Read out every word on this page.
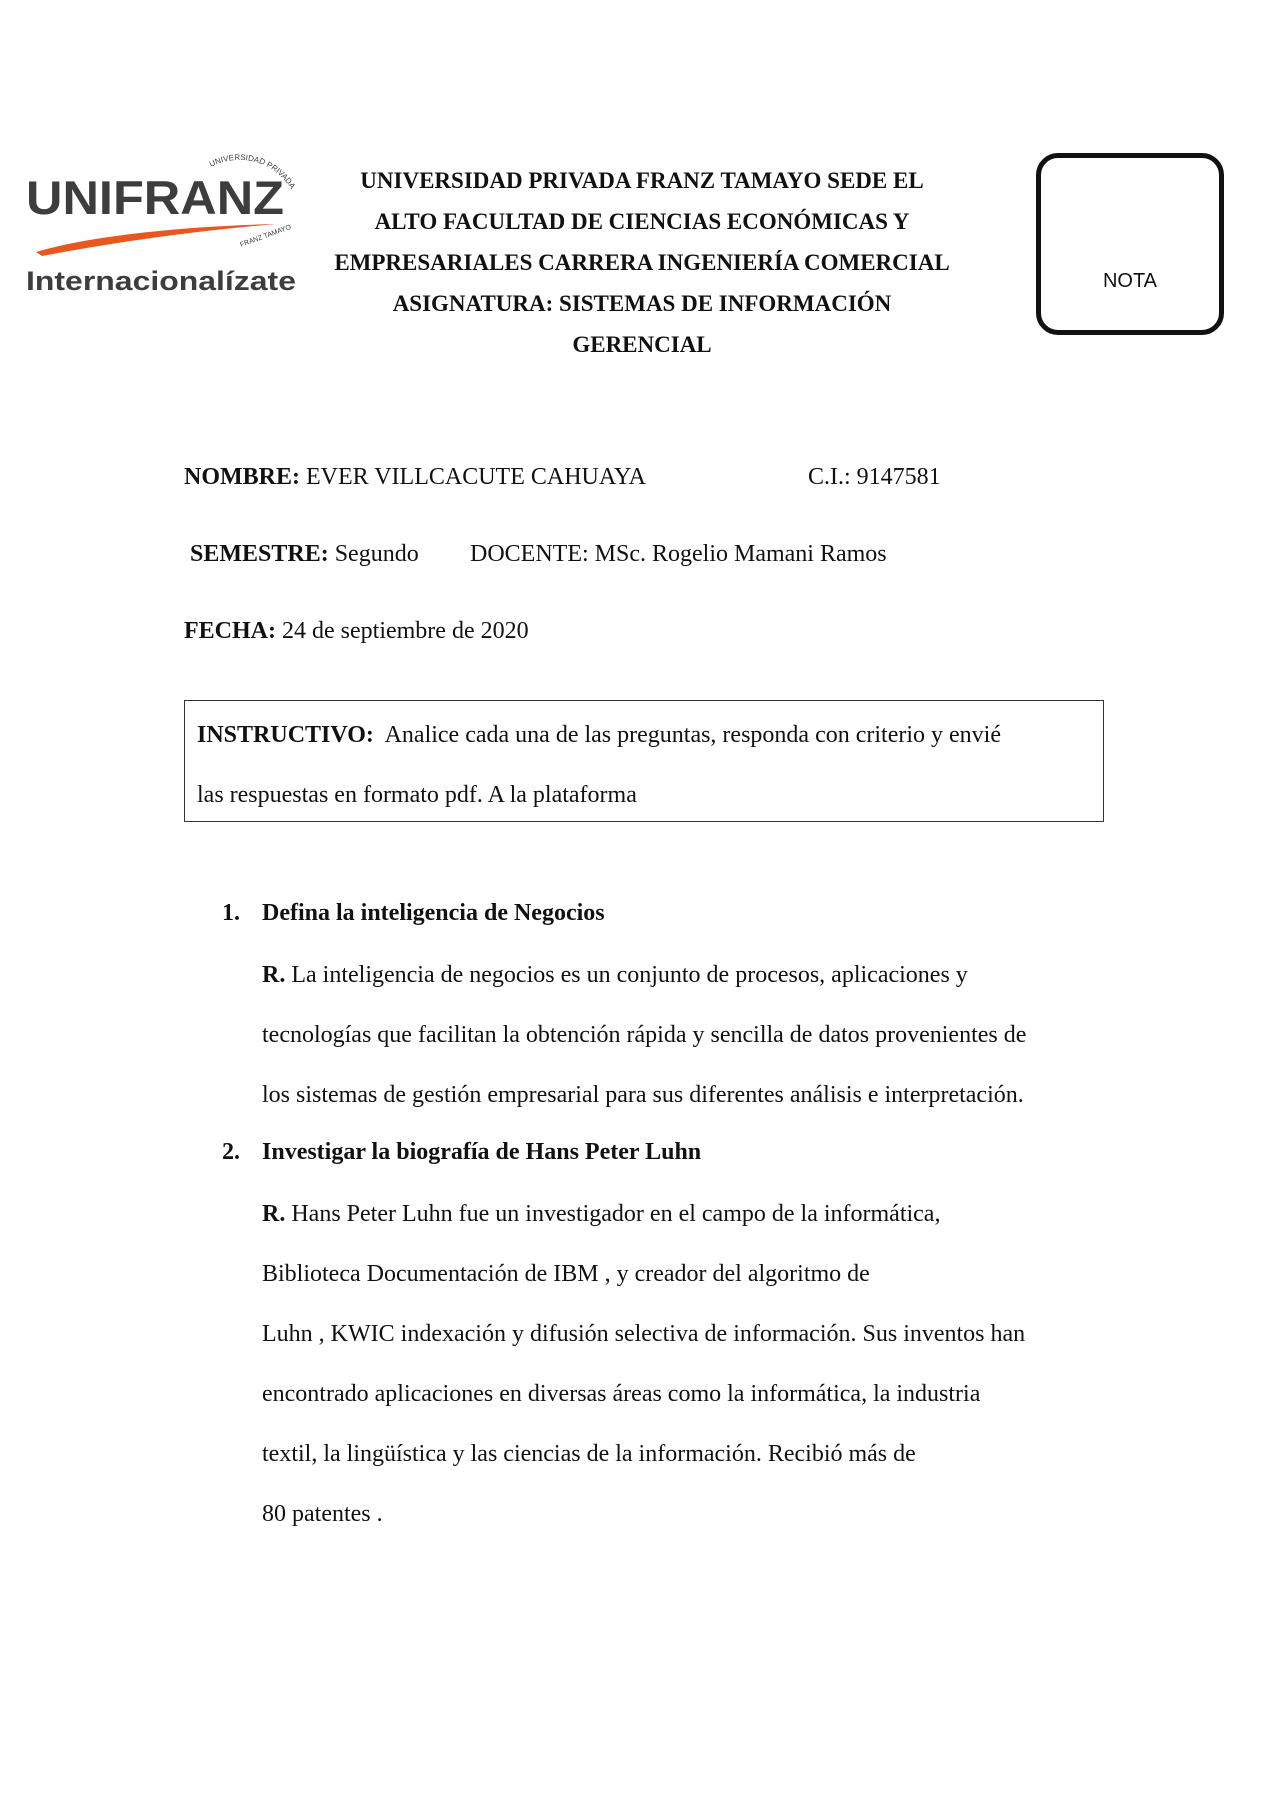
UNIVERSIDAD PRIVADA
UNIFRANZ
FRANZ TAMAYO
Internacionalízate
UNIVERSIDAD PRIVADA FRANZ TAMAYO SEDE EL
ALTO FACULTAD DE CIENCIAS ECONÓMICAS Y
EMPRESARIALES CARRERA INGENIERÍA COMERCIAL
ASIGNATURA: SISTEMAS DE INFORMACIÓN
GERENCIAL
NOTA
NOMBRE: EVER VILLCACUTE CAHUAYA	C.I.: 9147581
SEMESTRE: Segundo DOCENTE: MSc. Rogelio Mamani Ramos
FECHA: 24 de septiembre de 2020
INSTRUCTIVO: Analice cada una de las preguntas, responda con criterio y envié
las respuestas en formato pdf. A la plataforma
1. Defina la inteligencia de Negocios
R. La inteligencia de negocios es un conjunto de procesos, aplicaciones y
tecnologías que facilitan la obtención rápida y sencilla de datos provenientes de
los sistemas de gestión empresarial para sus diferentes análisis e interpretación.
2. Investigar la biografía de Hans Peter Luhn
R. Hans Peter Luhn fue un investigador en el campo de la informática,
Biblioteca Documentación de IBM , y creador del algoritmo de
Luhn , KWIC indexación y difusión selectiva de información. Sus inventos han
encontrado aplicaciones en diversas áreas como la informática, la industria
textil, la lingüística y las ciencias de la información. Recibió más de
80 patentes .
